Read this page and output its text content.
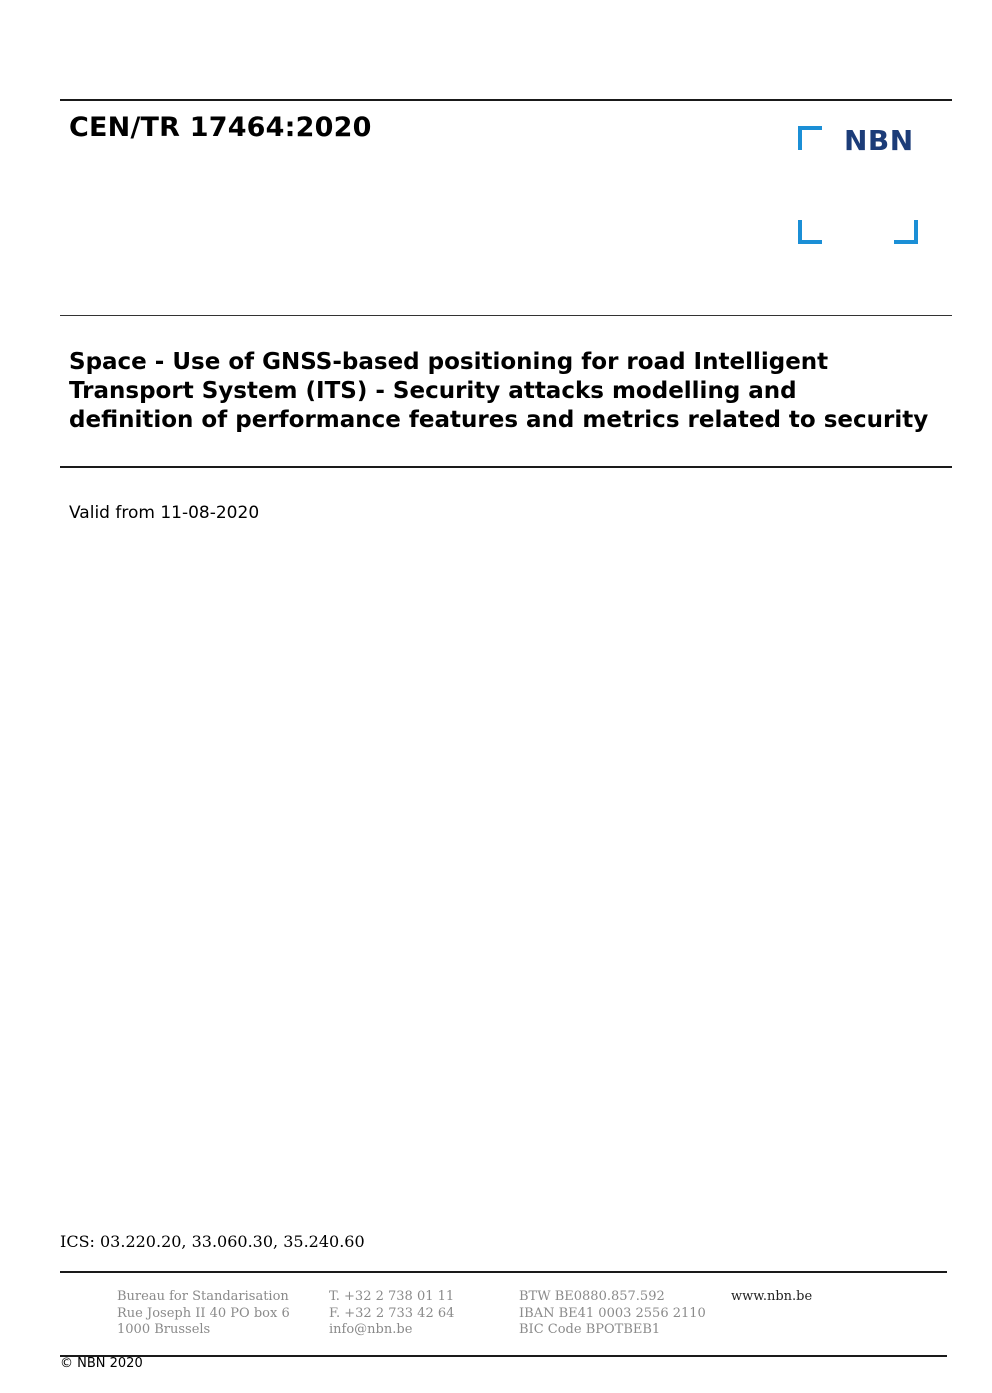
CEN/TR 17464:2020	NBN
Space - Use of GNSS-based positioning for road Intelligent
Transport System (ITS) - Security attacks modelling and
definition of performance features and metrics related to security
Valid from 11-08-2020
ICS: 03.220.20, 33.060.30, 35.240.60
Bureau for Standarisation
Rue Joseph II 40 PO box 6
1000 Brussels
T. +32 2 738 01 11
F. +32 2 733 42 64
info@nbn.be
BTW BE0880.857.592
IBAN BE41 0003 2556 2110
BIC Code BPOTBEB1
www.nbn.be
© NBN 2020
